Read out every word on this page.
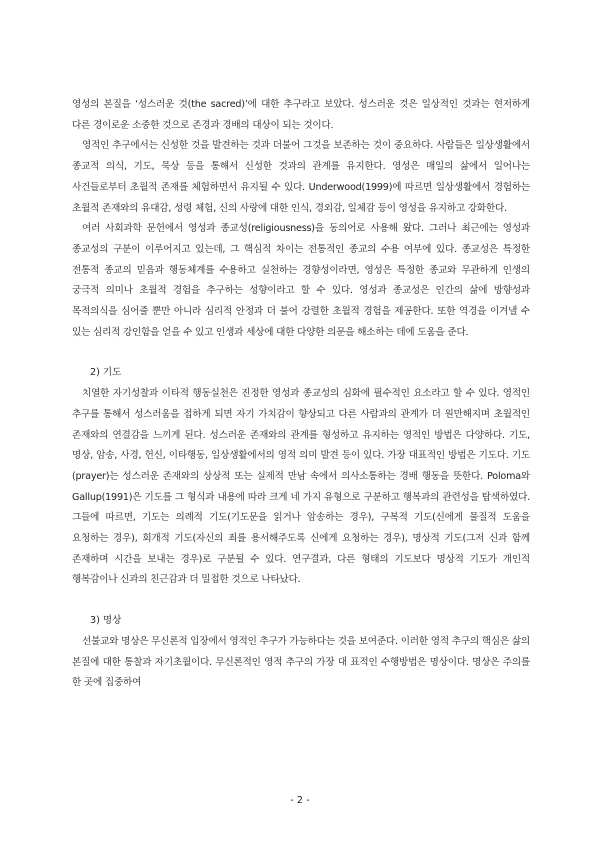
영성의 본질을 ‘성스러운 것(the sacred)’에 대한 추구라고 보았다. 성스러운 것은 일상적인 것과는 현저하게 다른 경이로운 소중한 것으로 존경과 경배의 대상이 되는 것이다.

영적인 추구에서는 신성한 것을 발견하는 것과 더불어 그것을 보존하는 것이 중요하다. 사람들은 일상생활에서 종교적 의식, 기도, 묵상 등을 통해서 신성한 것과의 관계를 유지한다. 영성은 매일의 삶에서 일어나는 사건들로부터 초월적 존재를 체험하면서 유지될 수 있다. Underwood(1999)에 따르면 일상생활에서 경험하는 초월적 존재와의 유대감, 성령 체험, 신의 사랑에 대한 인식, 경외감, 일체감 등이 영성을 유지하고 강화한다.

여러 사회과학 문헌에서 영성과 종교성(religiousness)을 동의어로 사용해 왔다. 그러나 최근에는 영성과 종교성의 구분이 이루어지고 있는데, 그 핵심적 차이는 전통적인 종교의 수용 여부에 있다. 종교성은 특정한 전통적 종교의 믿음과 행동체계를 수용하고 실천하는 경향성이라면, 영성은 특정한 종교와 무관하게 인생의 궁극적 의미나 초월적 경험을 추구하는 성향이라고 할 수 있다. 영성과 종교성은 인간의 삶에 방향성과 목적의식을 심어줄 뿐만 아니라 심리적 안정과 더 불어 강렬한 초월적 경험을 제공한다. 또한 역경을 이겨낼 수 있는 심리적 강인함을 얻을 수 있고 인생과 세상에 대한 다양한 의문을 해소하는 데에 도움을 준다.

2) 기도

치열한 자기성찰과 이타적 행동실천은 진정한 영성과 종교성의 심화에 필수적인 요소라고 할 수 있다. 영적인 추구를 통해서 성스러움을 접하게 되면 자기 가치감이 향상되고 다른 사람과의 관계가 더 원만해지며 초월적인 존재와의 연결감을 느끼게 된다. 성스러운 존재와의 관계를 형성하고 유지하는 영적인 방법은 다양하다. 기도, 명상, 암송, 사경, 헌신, 이타행동, 일상생활에서의 영적 의미 발견 등이 있다. 가장 대표적인 방법은 기도다. 기도(prayer)는 성스러운 존재와의 상상적 또는 실제적 만남 속에서 의사소통하는 경배 행동을 뜻한다. Poloma와 Gallup(1991)은 기도를 그 형식과 내용에 따라 크게 네 가지 유형으로 구분하고 행복과의 관련성을 탐색하였다. 그들에 따르면, 기도는 의례적 기도(기도문을 읽거나 암송하는 경우), 구복적 기도(신에게 물질적 도움을 요청하는 경우), 회개적 기도(자신의 죄를 용서해주도록 신에게 요청하는 경우), 명상적 기도(그저 신과 함께 존재하며 시간을 보내는 경우)로 구분될 수 있다. 연구결과, 다른 형태의 기도보다 명상적 기도가 개인적 행복감이나 신과의 친근감과 더 밀접한 것으로 나타났다.

3) 명상

선불교와 명상은 무신론적 입장에서 영적인 추구가 가능하다는 것을 보여준다. 이러한 영적 추구의 핵심은 삶의 본질에 대한 통찰과 자기초월이다. 무신론적인 영적 추구의 가장 대 표적인 수행방법은 명상이다. 명상은 주의를 한 곳에 집중하여

- 2 -
